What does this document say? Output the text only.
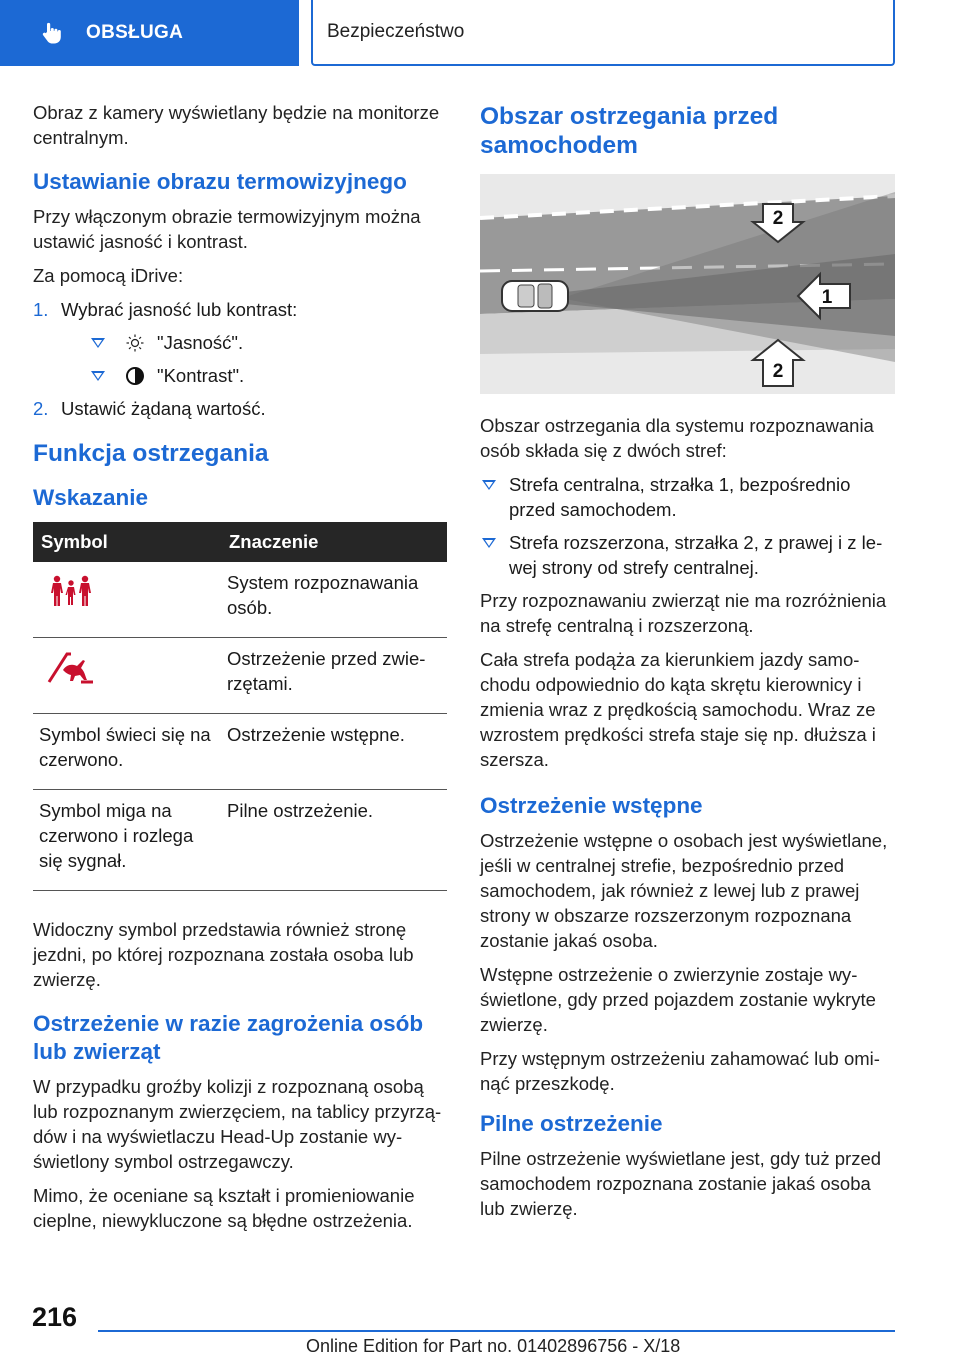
OBSŁUGA	Bezpieczeństwo

Obraz z kamery wyświetlany będzie na monitorze centralnym.

Ustawianie obrazu termowizyjnego

Przy włączonym obrazie termowizyjnym można ustawić jasność i kontrast.

Za pomocą iDrive:

1. Wybrać jasność lub kontrast:
"Jasność".
"Kontrast".
2. Ustawić żądaną wartość.
Funkcja ostrzegania
Wskazanie
Symbol	Znaczenie

	System rozpoznawania osób.

	Ostrzeżenie przed zwierzętami.
Symbol świeci się na czerwono.	Ostrzeżenie wstępne.
Symbol miga na czerwono i rozlega się sygnał.	Pilne ostrzeżenie.

Widoczny symbol przedstawia również stronę jezdni, po której rozpoznana została osoba lub zwierzę.

Ostrzeżenie w razie zagrożenia osób lub zwierząt

W przypadku groźby kolizji z rozpoznaną osobą lub rozpoznanym zwierzęciem, na tablicy przyrządów i na wyświetlaczu Head-Up zostanie wyświetlony symbol ostrzegawczy.

Mimo, że oceniane są kształt i promieniowanie cieplne, niewykluczone są błędne ostrzeżenia.

Obszar ostrzegania przed samochodem
2
1
2

Obszar ostrzegania dla systemu rozpoznawania osób składa się z dwóch stref:

Strefa centralna, strzałka 1, bezpośrednio przed samochodem.
Strefa rozszerzona, strzałka 2, z prawej i z lewej strony od strefy centralnej.

Przy rozpoznawaniu zwierząt nie ma rozróżnienia na strefę centralną i rozszerzoną.

Cała strefa podąża za kierunkiem jazdy samochodu odpowiednio do kąta skrętu kierownicy i zmienia wraz z prędkością samochodu. Wraz ze wzrostem prędkości strefa staje się np. dłuższa i szersza.

Ostrzeżenie wstępne

Ostrzeżenie wstępne o osobach jest wyświetlane, jeśli w centralnej strefie, bezpośrednio przed samochodem, jak również z lewej lub z prawej strony w obszarze rozszerzonym rozpoznana zostanie jakaś osoba.

Wstępne ostrzeżenie o zwierzynie zostaje wyświetlone, gdy przed pojazdem zostanie wykryte zwierzę.

Przy wstępnym ostrzeżeniu zahamować lub ominąć przeszkodę.

Pilne ostrzeżenie

Pilne ostrzeżenie wyświetlane jest, gdy tuż przed samochodem rozpoznana zostanie jakaś osoba lub zwierzę.

216
Online Edition for Part no. 01402896756 - X/18
